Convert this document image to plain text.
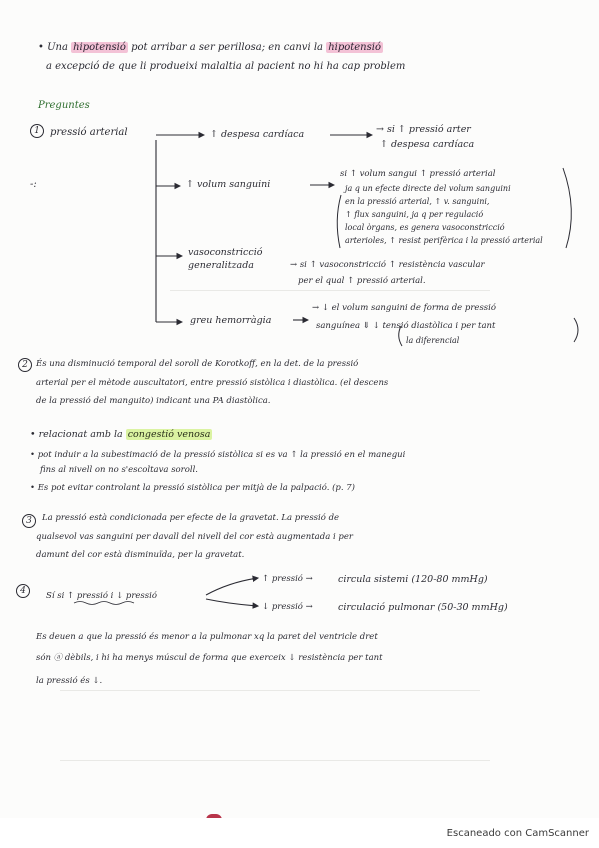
• Una hipotensió pot arribar a ser perillosa; en canvi la hipotensió
a excepció de que li produeixi malaltia al pacient no hi ha cap problem
Preguntes
1	pressió arterial	↑ despesa cardíaca	→ si ↑ pressió arter
↑ despesa cardíaca
-:	↑ volum sanguini
si ↑ volum sangui ↑ pressió arterial
ja q un efecte directe del volum sanguini
en la pressió arterial, ↑ v. sanguini,
↑ flux sanguini, ja q per regulació
local òrgans, es genera vasoconstricció
arterioles, ↑ resist perifèrica i la pressió arterial
vasoconstricció
generalitzada	→ si ↑ vasoconstricció ↑ resistència vascular
per el qual ↑ pressió arterial.
greu hemorràgia
→ ↓ el volum sanguini de forma de pressió
sanguínea ⇓ ↓ tensió diastòlica i per tant
la diferencial
2 És una disminució temporal del soroll de Korotkoff, en la det. de la pressió
arterial per el mètode auscultatori, entre pressió sistòlica i diastòlica. (el descens
de la pressió del manguito) indicant una PA diastòlica.
• relacionat amb la congestió venosa
• pot induir a la subestimació de la pressió sistòlica si es va ↑ la pressió en el manegui
fins al nivell on no s'escoltava soroll.
• Es pot evitar controlant la pressió sistòlica per mitjà de la palpació. (p. 7)
3	La pressió està condicionada per efecte de la gravetat. La pressió de
qualsevol vas sanguini per davall del nivell del cor està augmentada i per
damunt del cor està disminuïda, per la gravetat.
4	Sí si ↑ pressió i ↓ pressió
↑ pressió →	circula sistemi (120-80 mmHg)
↓ pressió →	circulació pulmonar (50-30 mmHg)
Es deuen a que la pressió és menor a la pulmonar xq la paret del ventricle dret
són ⓐ dèbils, i hi ha menys múscul de forma que exerceix ↓ resistència per tant
la pressió és ↓.
Escaneado con CamScanner
